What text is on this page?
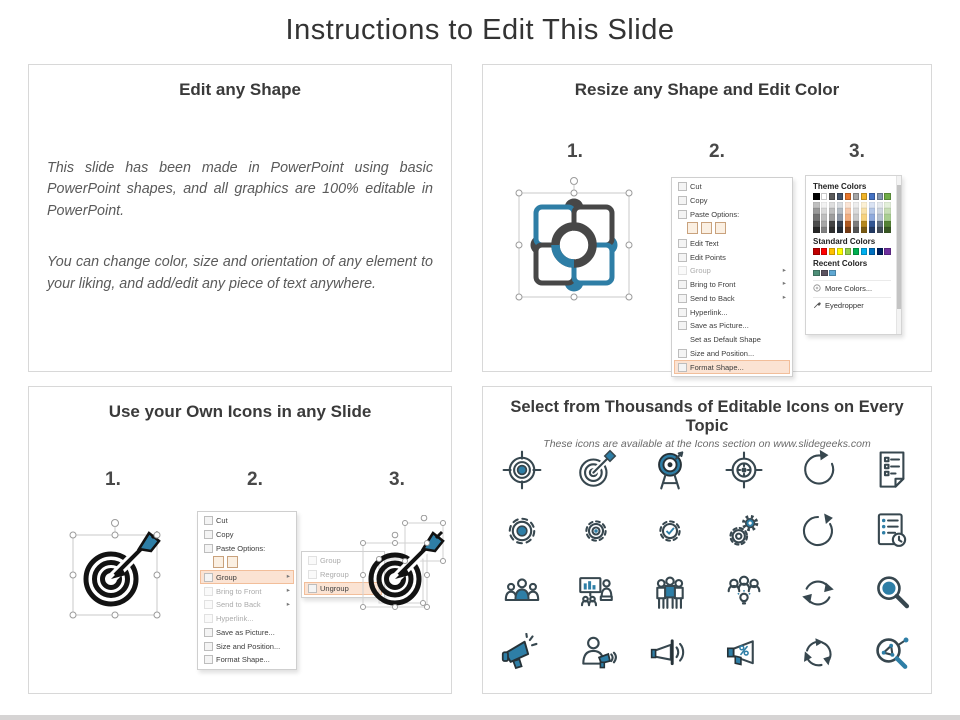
Instructions to Edit This Slide
Edit any Shape

This slide has been made in PowerPoint using basic PowerPoint shapes, and all graphics are 100% editable in PowerPoint.

You can change color, size and orientation of any element to your liking, and add/edit any piece of text anywhere.

Resize any Shape and Edit Color
1.	2.	3.
Cut
Copy
Paste Options:
Edit Text
Edit Points
Group	▸
Bring to Front	▸
Send to Back	▸
Hyperlink...
Save as Picture...
Set as Default Shape
Size and Position...
Format Shape...
Theme Colors
Standard Colors
Recent Colors
More Colors...
Eyedropper
Use your Own Icons in any Slide
1.	2.	3.
Cut
Copy
Paste Options:
Group	▸
Bring to Front	▸
Send to Back	▸
Hyperlink...
Save as Picture...
Size and Position...
Format Shape...
Group
Regroup
Ungroup
Select from Thousands of Editable Icons on Every Topic
These icons are available at the Icons section on www.slidegeeks.com
